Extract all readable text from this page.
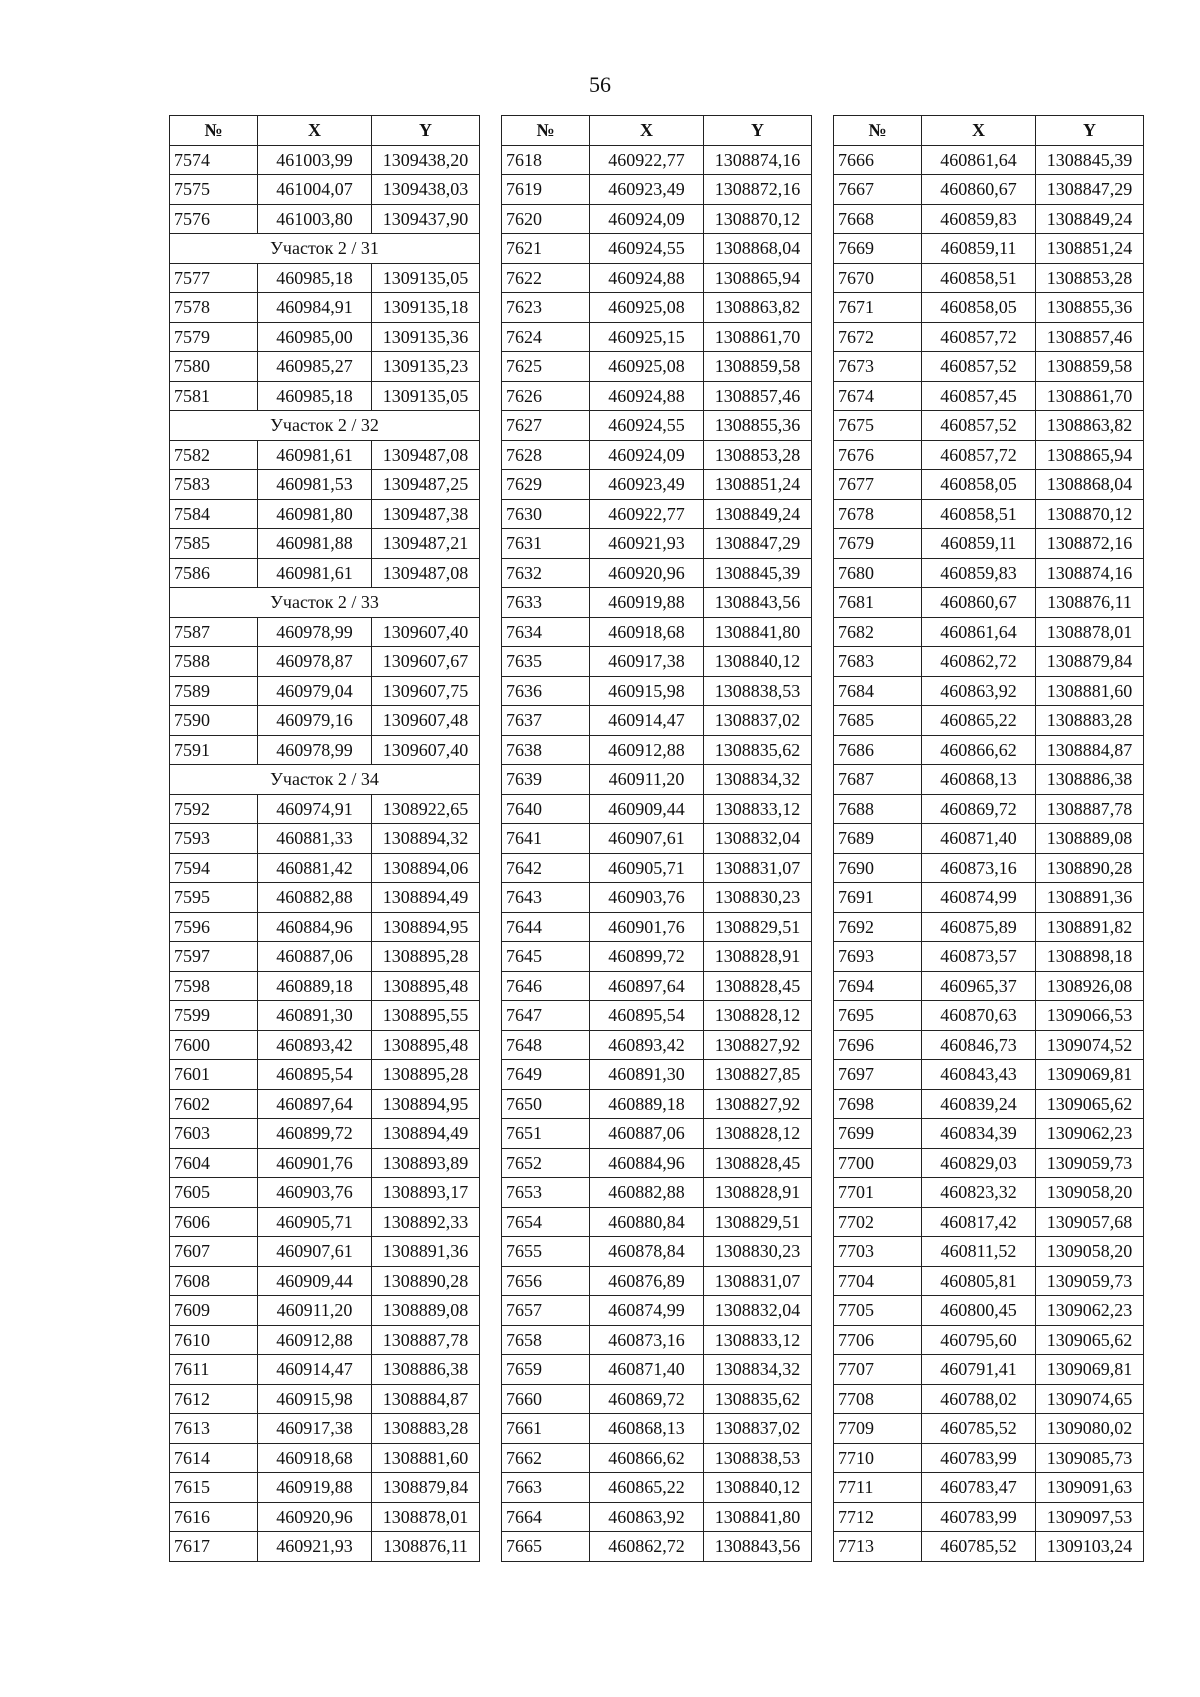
56
№	X	Y
7574	461003,99	1309438,20
7575	461004,07	1309438,03
7576	461003,80	1309437,90
Участок 2 / 31		
7577	460985,18	1309135,05
7578	460984,91	1309135,18
7579	460985,00	1309135,36
7580	460985,27	1309135,23
7581	460985,18	1309135,05
Участок 2 / 32		
7582	460981,61	1309487,08
7583	460981,53	1309487,25
7584	460981,80	1309487,38
7585	460981,88	1309487,21
7586	460981,61	1309487,08
Участок 2 / 33		
7587	460978,99	1309607,40
7588	460978,87	1309607,67
7589	460979,04	1309607,75
7590	460979,16	1309607,48
7591	460978,99	1309607,40
Участок 2 / 34		
7592	460974,91	1308922,65
7593	460881,33	1308894,32
7594	460881,42	1308894,06
7595	460882,88	1308894,49
7596	460884,96	1308894,95
7597	460887,06	1308895,28
7598	460889,18	1308895,48
7599	460891,30	1308895,55
7600	460893,42	1308895,48
7601	460895,54	1308895,28
7602	460897,64	1308894,95
7603	460899,72	1308894,49
7604	460901,76	1308893,89
7605	460903,76	1308893,17
7606	460905,71	1308892,33
7607	460907,61	1308891,36
7608	460909,44	1308890,28
7609	460911,20	1308889,08
7610	460912,88	1308887,78
7611	460914,47	1308886,38
7612	460915,98	1308884,87
7613	460917,38	1308883,28
7614	460918,68	1308881,60
7615	460919,88	1308879,84
7616	460920,96	1308878,01
7617	460921,93	1308876,11
№	X	Y
7618	460922,77	1308874,16
7619	460923,49	1308872,16
7620	460924,09	1308870,12
7621	460924,55	1308868,04
7622	460924,88	1308865,94
7623	460925,08	1308863,82
7624	460925,15	1308861,70
7625	460925,08	1308859,58
7626	460924,88	1308857,46
7627	460924,55	1308855,36
7628	460924,09	1308853,28
7629	460923,49	1308851,24
7630	460922,77	1308849,24
7631	460921,93	1308847,29
7632	460920,96	1308845,39
7633	460919,88	1308843,56
7634	460918,68	1308841,80
7635	460917,38	1308840,12
7636	460915,98	1308838,53
7637	460914,47	1308837,02
7638	460912,88	1308835,62
7639	460911,20	1308834,32
7640	460909,44	1308833,12
7641	460907,61	1308832,04
7642	460905,71	1308831,07
7643	460903,76	1308830,23
7644	460901,76	1308829,51
7645	460899,72	1308828,91
7646	460897,64	1308828,45
7647	460895,54	1308828,12
7648	460893,42	1308827,92
7649	460891,30	1308827,85
7650	460889,18	1308827,92
7651	460887,06	1308828,12
7652	460884,96	1308828,45
7653	460882,88	1308828,91
7654	460880,84	1308829,51
7655	460878,84	1308830,23
7656	460876,89	1308831,07
7657	460874,99	1308832,04
7658	460873,16	1308833,12
7659	460871,40	1308834,32
7660	460869,72	1308835,62
7661	460868,13	1308837,02
7662	460866,62	1308838,53
7663	460865,22	1308840,12
7664	460863,92	1308841,80
7665	460862,72	1308843,56
№	X	Y
7666	460861,64	1308845,39
7667	460860,67	1308847,29
7668	460859,83	1308849,24
7669	460859,11	1308851,24
7670	460858,51	1308853,28
7671	460858,05	1308855,36
7672	460857,72	1308857,46
7673	460857,52	1308859,58
7674	460857,45	1308861,70
7675	460857,52	1308863,82
7676	460857,72	1308865,94
7677	460858,05	1308868,04
7678	460858,51	1308870,12
7679	460859,11	1308872,16
7680	460859,83	1308874,16
7681	460860,67	1308876,11
7682	460861,64	1308878,01
7683	460862,72	1308879,84
7684	460863,92	1308881,60
7685	460865,22	1308883,28
7686	460866,62	1308884,87
7687	460868,13	1308886,38
7688	460869,72	1308887,78
7689	460871,40	1308889,08
7690	460873,16	1308890,28
7691	460874,99	1308891,36
7692	460875,89	1308891,82
7693	460873,57	1308898,18
7694	460965,37	1308926,08
7695	460870,63	1309066,53
7696	460846,73	1309074,52
7697	460843,43	1309069,81
7698	460839,24	1309065,62
7699	460834,39	1309062,23
7700	460829,03	1309059,73
7701	460823,32	1309058,20
7702	460817,42	1309057,68
7703	460811,52	1309058,20
7704	460805,81	1309059,73
7705	460800,45	1309062,23
7706	460795,60	1309065,62
7707	460791,41	1309069,81
7708	460788,02	1309074,65
7709	460785,52	1309080,02
7710	460783,99	1309085,73
7711	460783,47	1309091,63
7712	460783,99	1309097,53
7713	460785,52	1309103,24
